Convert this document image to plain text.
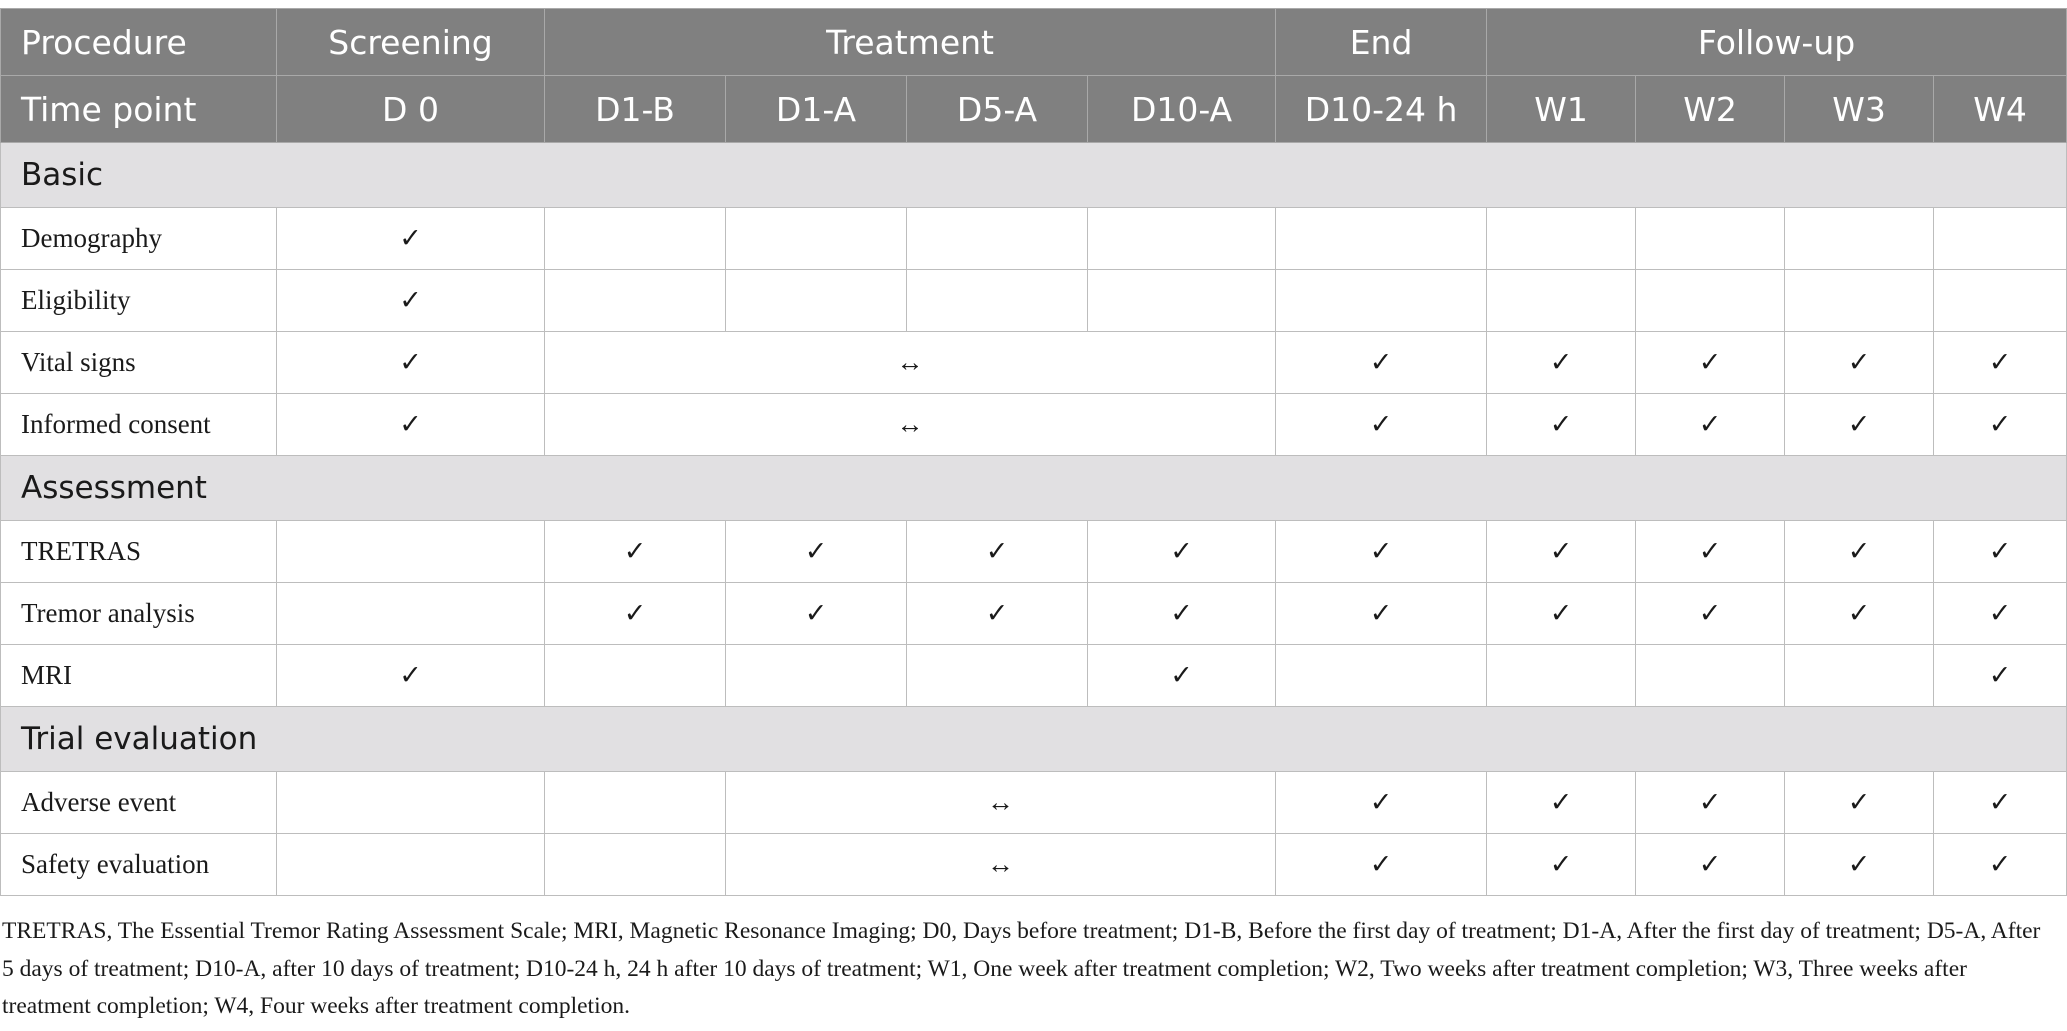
Procedure	Screening	Treatment				End	Follow-up			
Time point	D 0	D1-B	D1-A	D5-A	D10-A	D10-24 h	W1	W2	W3	W4
Basic										
Demography	✓									
Eligibility	✓									
Vital signs	✓	↔				✓	✓	✓	✓	✓
Informed consent	✓	↔				✓	✓	✓	✓	✓
Assessment										
TRETRAS		✓	✓	✓	✓	✓	✓	✓	✓	✓
Tremor analysis		✓	✓	✓	✓	✓	✓	✓	✓	✓
MRI	✓				✓					✓
Trial evaluation										
Adverse event			↔			✓	✓	✓	✓	✓
Safety evaluation			↔			✓	✓	✓	✓	✓
TRETRAS, The Essential Tremor Rating Assessment Scale; MRI, Magnetic Resonance Imaging; D0, Days before treatment; D1-B, Before the first day of treatment; D1-A, After the first day of treatment; D5-A, After 5 days of treatment; D10-A, after 10 days of treatment; D10-24 h, 24 h after 10 days of treatment; W1, One week after treatment completion; W2, Two weeks after treatment completion; W3, Three weeks after treatment completion; W4, Four weeks after treatment completion.
